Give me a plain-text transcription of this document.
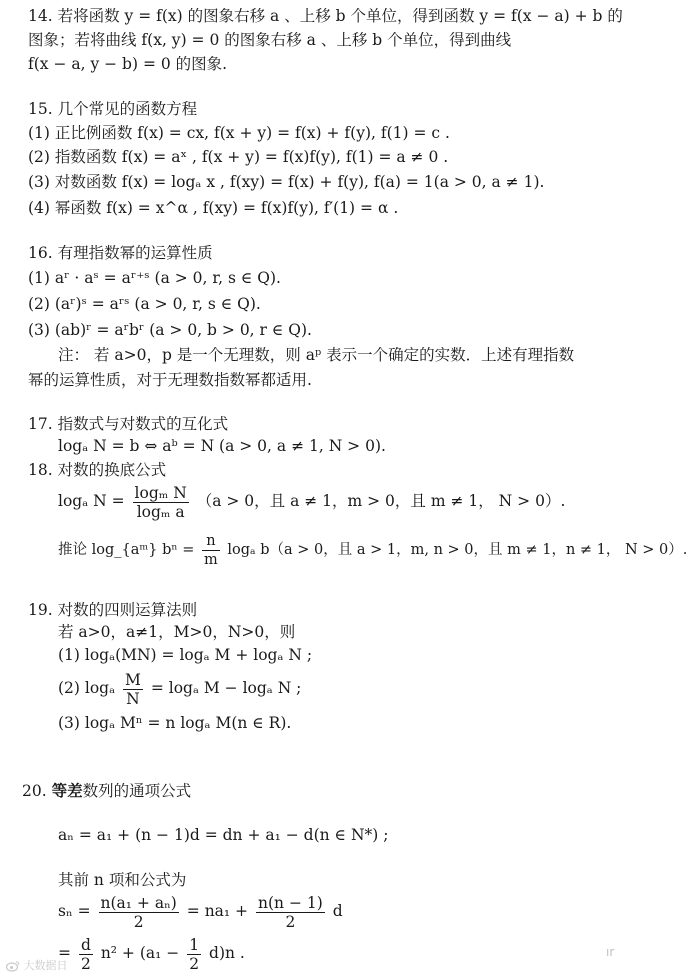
14. 若将函数 y = f(x) 的图象右移 a 、上移 b 个单位，得到函数 y = f(x − a) + b 的
图象；若将曲线 f(x, y) = 0 的图象右移 a 、上移 b 个单位，得到曲线
f(x − a, y − b) = 0 的图象.
15. 几个常见的函数方程
(1) 正比例函数 f(x) = cx, f(x + y) = f(x) + f(y), f(1) = c .
(2) 指数函数 f(x) = aˣ , f(x + y) = f(x)f(y), f(1) = a ≠ 0 .
(3) 对数函数 f(x) = logₐ x , f(xy) = f(x) + f(y), f(a) = 1(a > 0, a ≠ 1).
(4) 幂函数 f(x) = x^α , f(xy) = f(x)f(y), f′(1) = α .
16. 有理指数幂的运算性质
(1) aʳ · aˢ = aʳ⁺ˢ (a > 0, r, s ∈ Q).
(2) (aʳ)ˢ = aʳˢ (a > 0, r, s ∈ Q).
(3) (ab)ʳ = aʳbʳ (a > 0, b > 0, r ∈ Q).
注： 若 a>0，p 是一个无理数，则 aᵖ 表示一个确定的实数．上述有理指数
幂的运算性质，对于无理数指数幂都适用.
17. 指数式与对数式的互化式
logₐ N = b ⇔ aᵇ = N (a > 0, a ≠ 1, N > 0).
18. 对数的换底公式
logₐ $N = \frac{\text{logₘ N}}{\text{logₘ a}} (a > 0$，且 a ≠ 1，m > 0，且 m ≠ 1， N > 0）.
推论 log_{aᵐ} $b^n = \frac{n}{m}$ logₐ b（a > 0，且 a > 1，m, n > 0，且 m ≠ 1，n ≠ 1， N > 0）.
19. 对数的四则运算法则
若 a>0，a≠1，M>0，N>0，则
(1) logₐ(MN) = logₐ M + logₐ N ;
(2) logₐ $\frac{M}{N} = \log_a$ M − logₐ N ;
(3) logₐ Mⁿ = n logₐ M(n ∈ R).
20. 等差数列的通项公式
aₙ = a₁ + (n − 1)d = dn + a₁ − d(n ∈ N*) ;
其前 n 项和公式为
$s_n = \frac{\text{n(a₁ + aₙ)}}{2} = na_1 + \frac{n(n - 1)}{2}$ d
= $\frac{d}{2} n^2 + (a_1 - \frac{1}{2} d)n$ .
大数据日
ır
